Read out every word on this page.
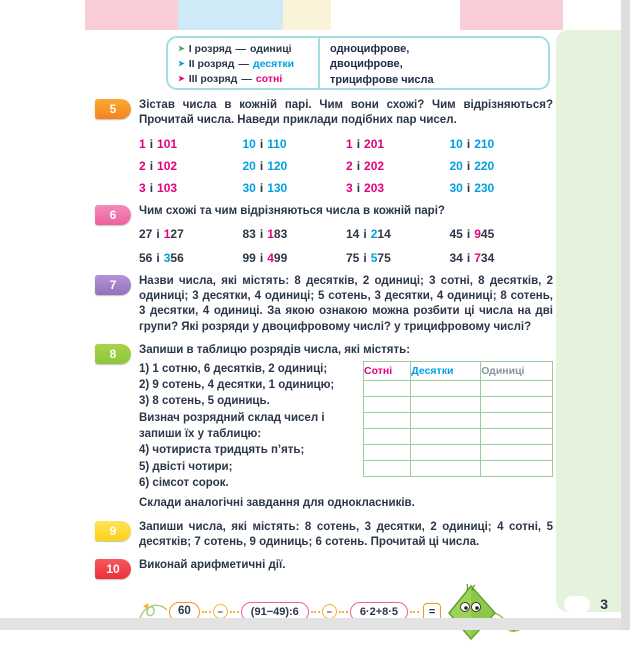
➤ І розряд — одиниці
➤ ІІ розряд — десятки
➤ ІІІ розряд — сотні
одноцифрове,
двоцифрове,
трицифрове числа
5	Зістав числа в кожній парі. Чим вони схожі? Чим відрізняються? Прочитай числа. Наведи приклади подібних пар чисел.
1 і 101	10 і 110	1 і 201	10 і 210
2 і 102	20 і 120	2 і 202	20 і 220
3 і 103	30 і 130	3 і 203	30 і 230
6	Чим схожі та чим відрізняються числа в кожній парі?
27 і 127	83 і 183	14 і 214	45 і 945
56 і 356	99 і 499	75 і 575	34 і 734
7	Назви числа, які містять: 8 десятків, 2 одиниці; 3 сотні, 8 десятків, 2 одиниці; 3 десятки, 4 одиниці; 5 сотень, 3 десятки, 4 одиниці; 8 сотень, 3 десятки, 4 одиниці. За якою ознакою можна розбити ці числа на дві групи? Які розряди у двоцифровому числі? у трицифровому числі?
8	Запиши в таблицю розрядів числа, які містять:
1) 1 сотню, 6 десятків, 2 одиниці;
2) 9 сотень, 4 десятки, 1 одиницю;
3) 8 сотень, 5 одиниць.
Визнач розрядний склад чисел і запиши їх у таблицю:
4) чотириста тридцять п’ять;
5) двісті чотири;
6) сімсот сорок.
Сотні	Десятки	Одиниці

Склади аналогічні завдання для однокласників.
9	Запиши числа, які містять: 8 сотень, 3 десятки, 2 одиниці; 4 сотні, 5 десятків; 7 сотень, 9 одиниць; 6 сотень. Прочитай ці числа.
10	Виконай арифметичні дії.
60	−	(91−49):6	−	6·2+8·5	=	3
